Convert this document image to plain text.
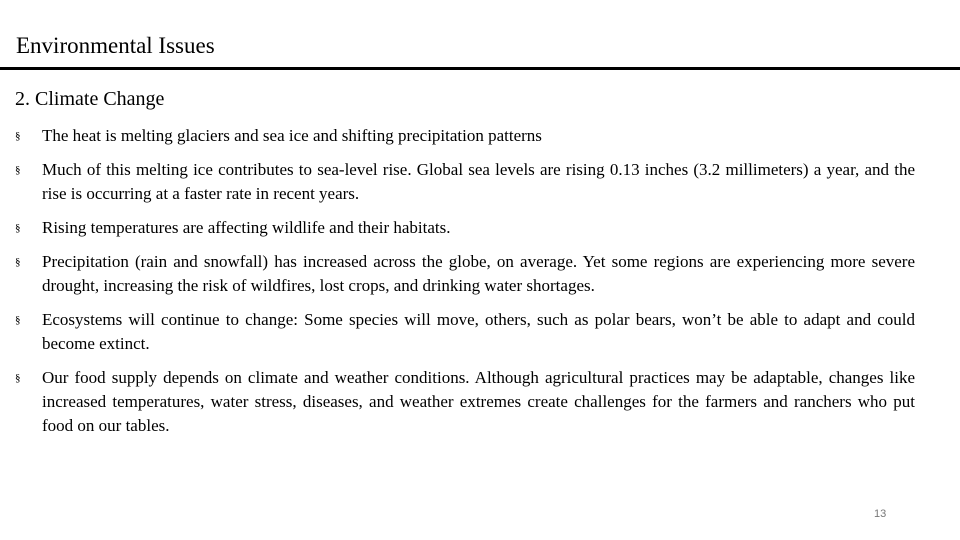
Environmental Issues
2. Climate Change
§	The heat is melting glaciers and sea ice and shifting precipitation patterns
§	Much of this melting ice contributes to sea-level rise. Global sea levels are rising 0.13 inches (3.2 millimeters) a year, and the rise is occurring at a faster rate in recent years.
§	Rising temperatures are affecting wildlife and their habitats.
§	Precipitation (rain and snowfall) has increased across the globe, on average. Yet some regions are experiencing more severe drought, increasing the risk of wildfires, lost crops, and drinking water shortages.
§	Ecosystems will continue to change: Some species will move, others, such as polar bears, won’t be able to adapt and could become extinct.
§	Our food supply depends on climate and weather conditions. Although agricultural practices may be adaptable, changes like increased temperatures, water stress, diseases, and weather extremes create challenges for the farmers and ranchers who put food on our tables.
13
